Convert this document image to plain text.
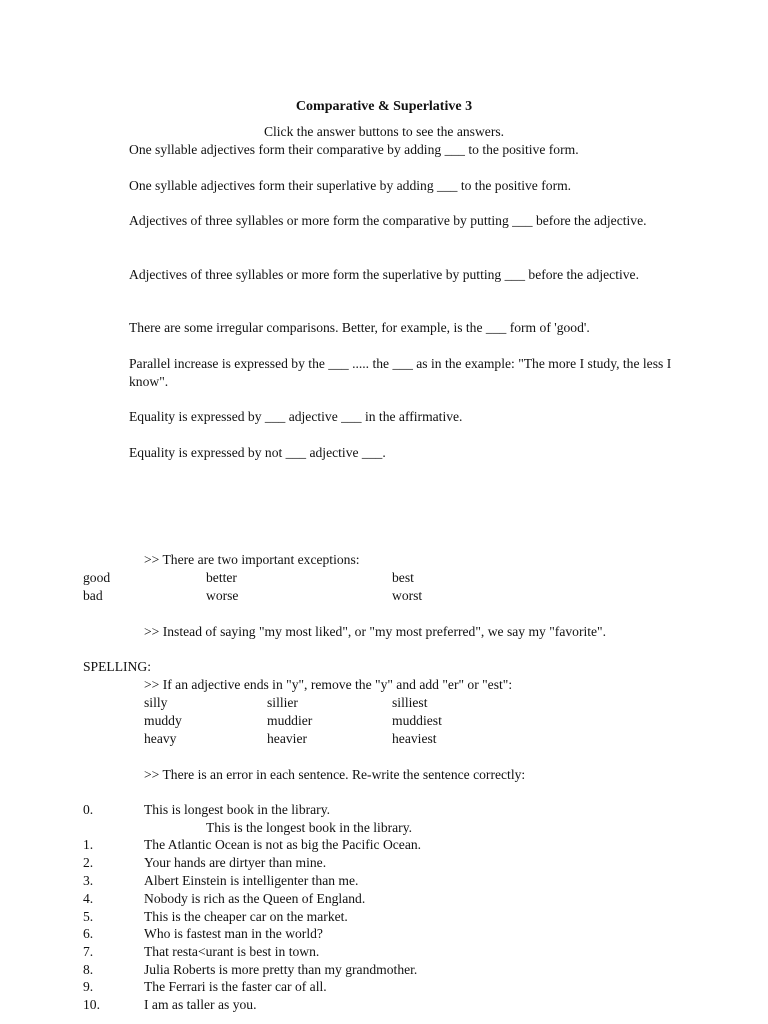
Comparative & Superlative 3
Click the answer buttons to see the answers.
One syllable adjectives form their comparative by adding ___ to the positive form.
One syllable adjectives form their superlative by adding ___ to the positive form.
Adjectives of three syllables or more form the comparative by putting ___ before the adjective.
Adjectives of three syllables or more form the superlative by putting ___ before the adjective.
There are some irregular comparisons. Better, for example, is the ___ form of 'good'.
Parallel increase is expressed by the ___ ..... the ___ as in the example: "The more I study, the less I know".
Equality is expressed by ___ adjective ___ in the affirmative.
Equality is expressed by not ___ adjective ___.
>> There are two important exceptions:
good	better	best
bad	worse	worst
>> Instead of saying "my most liked", or "my most preferred", we say my "favorite".
SPELLING:
>> If an adjective ends in "y", remove the "y" and add "er" or "est":
silly	sillier	silliest
muddy	muddier	muddiest
heavy	heavier	heaviest
>> There is an error in each sentence. Re-write the sentence correctly:
0.	This is longest book in the library.
This is the longest book in the library.
1.	The Atlantic Ocean is not as big the Pacific Ocean.
2.	Your hands are dirtyer than mine.
3.	Albert Einstein is intelligenter than me.
4.	Nobody is rich as the Queen of England.
5.	This is the cheaper car on the market.
6.	Who is fastest man in the world?
7.	That resta<urant is best in town.
8.	Julia Roberts is more pretty than my grandmother.
9.	The Ferrari is the faster car of all.
10.	I am as taller as you.
